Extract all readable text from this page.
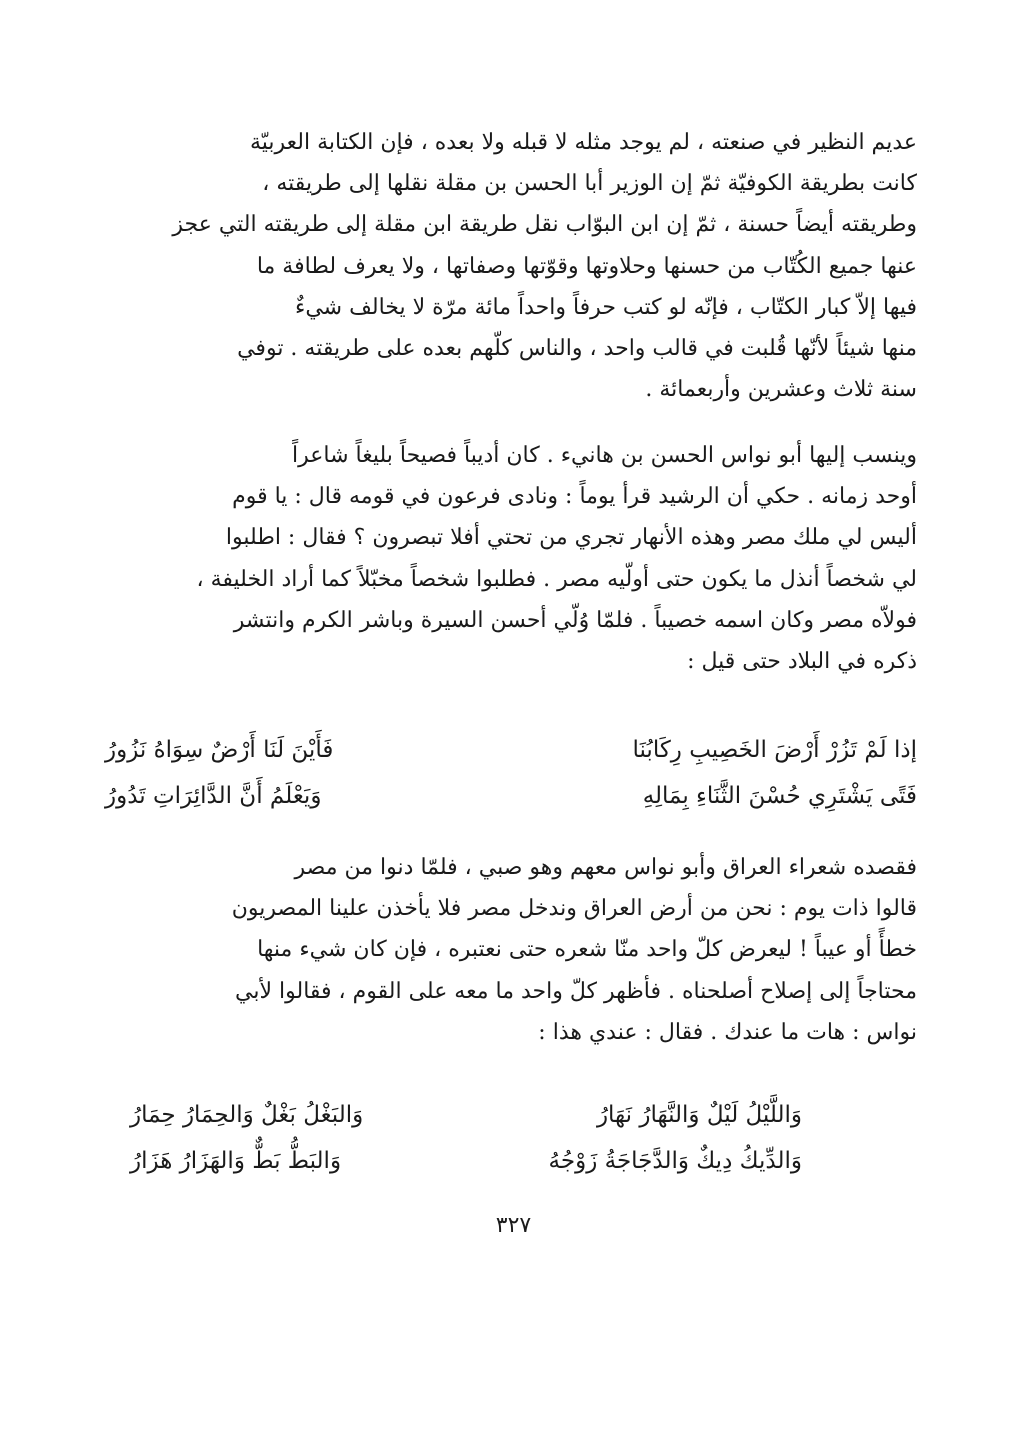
عديم النظير في صنعته ، لم يوجد مثله لا قبله ولا بعده ، فإن الكتابة العربيّة
كانت بطريقة الكوفيّة ثمّ إن الوزير أبا الحسن بن مقلة نقلها إلى طريقته ،
وطريقته أيضاً حسنة ، ثمّ إن ابن البوّاب نقل طريقة ابن مقلة إلى طريقته التي عجز
عنها جميع الكُتّاب من حسنها وحلاوتها وقوّتها وصفاتها ، ولا يعرف لطافة ما
فيها إلاّ كبار الكتّاب ، فإنّه لو كتب حرفاً واحداً مائة مرّة لا يخالف شيءٌ
منها شيئاً لأنّها قُلبت في قالب واحد ، والناس كلّهم بعده على طريقته . توفي
سنة ثلاث وعشرين وأربعمائة .
وينسب إليها أبو نواس الحسن بن هانيء . كان أديباً فصيحاً بليغاً شاعراً
أوحد زمانه . حكي أن الرشيد قرأ يوماً : ونادى فرعون في قومه قال : يا قوم
أليس لي ملك مصر وهذه الأنهار تجري من تحتي أفلا تبصرون ؟ فقال : اطلبوا
لي شخصاً أنذل ما يكون حتى أولّيه مصر . فطلبوا شخصاً مخبّلاً كما أراد الخليفة ،
فولاّه مصر وكان اسمه خصيباً . فلمّا وُلّي أحسن السيرة وباشر الكرم وانتشر
ذكره في البلاد حتى قيل :
إذا لَمْ تَزُرْ أَرْضَ الخَصِيبِ رِكَابُنَا
فَأَيْنَ لَنَا أَرْضٌ سِوَاهُ نَزُورُ
فَتًى يَشْتَرِي حُسْنَ الثَّنَاءِ بِمَالِهِ
وَيَعْلَمُ أَنَّ الدَّائِرَاتِ تَدُورُ
فقصده شعراء العراق وأبو نواس معهم وهو صبي ، فلمّا دنوا من مصر
قالوا ذات يوم : نحن من أرض العراق وندخل مصر فلا يأخذن علينا المصريون
خطأً أو عيباً ! ليعرض كلّ واحد منّا شعره حتى نعتبره ، فإن كان شيء منها
محتاجاً إلى إصلاح أصلحناه . فأظهر كلّ واحد ما معه على القوم ، فقالوا لأبي
نواس : هات ما عندك . فقال : عندي هذا :
وَاللَّيْلُ لَيْلٌ وَالنَّهَارُ نَهَارُ
وَالبَغْلُ بَغْلٌ وَالحِمَارُ حِمَارُ
وَالدِّيكُ دِيكٌ وَالدَّجَاجَةُ زَوْجُهُ
وَالبَطُّ بَطٌّ وَالهَزَارُ هَزَارُ
٣٢٧
